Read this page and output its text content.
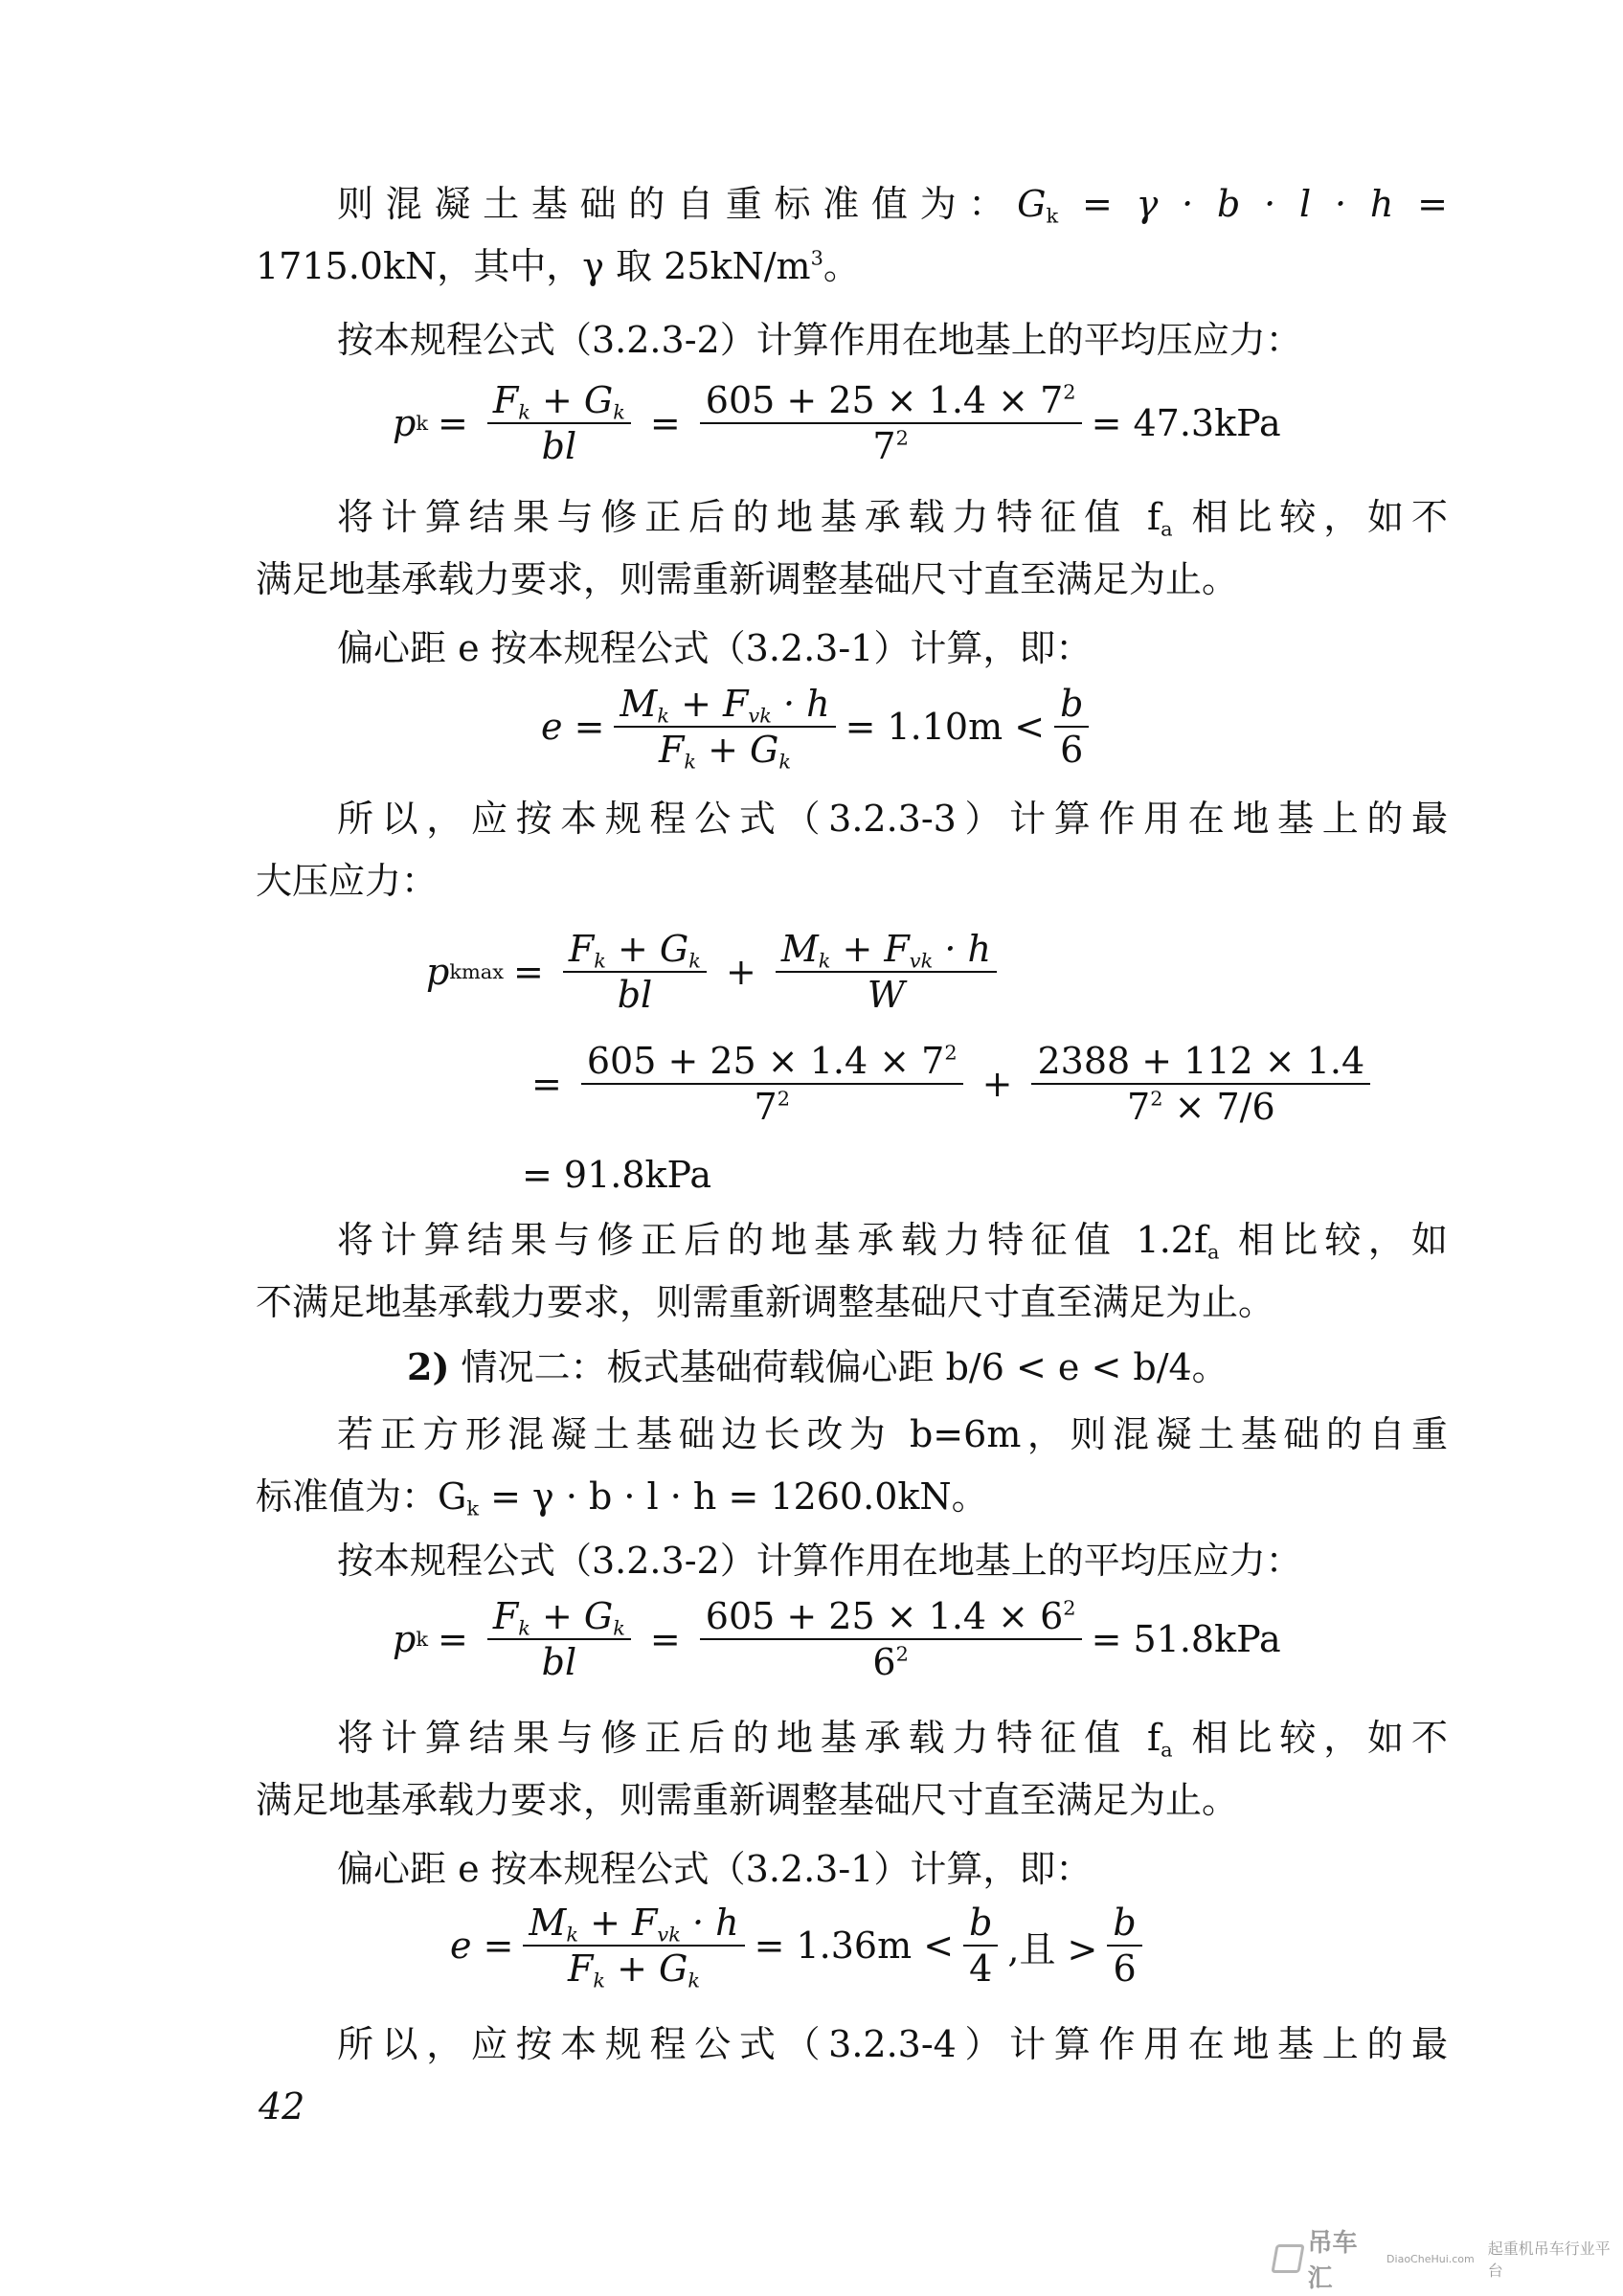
则混凝土基础的自重标准值为：$G_k = \gamma \cdot b \cdot l \cdot h$ =
1715.0kN，其中，γ 取 $25kN/m^3$。
按本规程公式（3.2.3-2）计算作用在地基上的平均压应力：
p $k = \frac{F_k + G_k}{bl} = \frac{605 + 25 \times 1.4 \times 7^2}{7^2} = 47.3kPa$
将计算结果与修正后的地基承载力特征值 $f_a$ 相比较，如不
满足地基承载力要求，则需重新调整基础尺寸直至满足为止。
偏心距 e 按本规程公式（3.2.3-1）计算，即：
$e = \frac{M_k + F_{vk} \cdot h}{F_k + G_k} = 1.10m < \frac{b}{6}$
所以，应按本规程公式（3.2.3-3）计算作用在地基上的最
大压应力：
p $kmax = \frac{F_k + G_k}{bl} + \frac{M_k + F_{vk} \cdot h}{W}$
= $\frac{605 + 25 \times 1.4 \times 7^2}{7^2} + \frac{2388 + 112 \times 1.4}{7^2 \times 7/6}$
= 91.8kPa
将计算结果与修正后的地基承载力特征值 $1.2f_a$ 相比较，如
不满足地基承载力要求，则需重新调整基础尺寸直至满足为止。
2) 情况二：板式基础荷载偏心距 b/6 < e < b/4。
若正方形混凝土基础边长改为 b=6m，则混凝土基础的自重
标准值为：$G_k = \gamma \cdot b \cdot l \cdot h = 1260.0kN$。
按本规程公式（3.2.3-2）计算作用在地基上的平均压应力：
p $k = \frac{F_k + G_k}{bl} = \frac{605 + 25 \times 1.4 \times 6^2}{6^2} = 51.8kPa$
将计算结果与修正后的地基承载力特征值 $f_a$ 相比较，如不
满足地基承载力要求，则需重新调整基础尺寸直至满足为止。
偏心距 e 按本规程公式（3.2.3-1）计算，即：
$e = \frac{M_k + F_{vk} \cdot h}{F_k + G_k} = 1.36m < \frac{b}{4}$ ,且 > $\frac{b}{6}$
所以，应按本规程公式（3.2.3-4）计算作用在地基上的最
42
吊车汇
DiaoCheHui.com
起重机吊车行业平台
